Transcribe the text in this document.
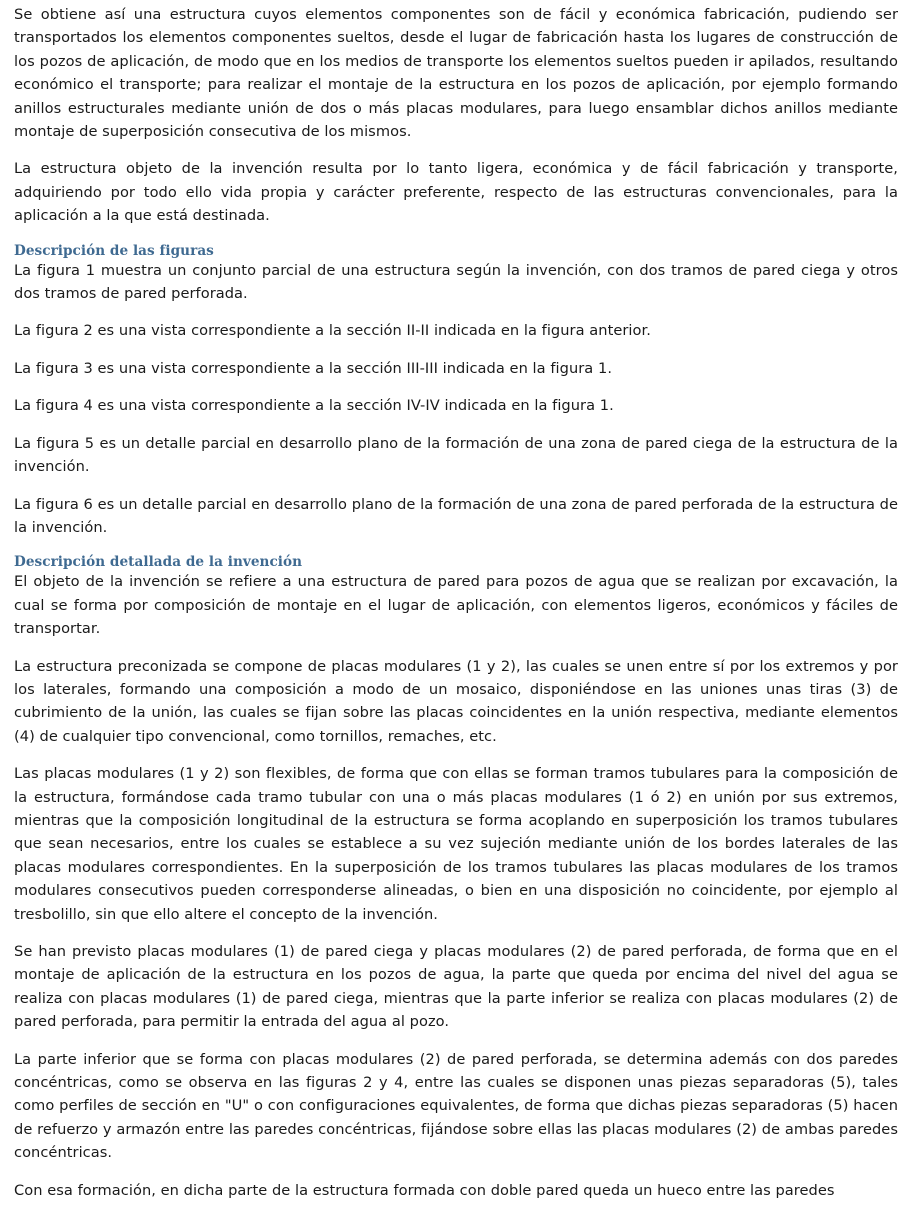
Se obtiene así una estructura cuyos elementos componentes son de fácil y económica fabricación, pudiendo ser transportados los elementos componentes sueltos, desde el lugar de fabricación hasta los lugares de construcción de los pozos de aplicación, de modo que en los medios de transporte los elementos sueltos pueden ir apilados, resultando económico el transporte; para realizar el montaje de la estructura en los pozos de aplicación, por ejemplo formando anillos estructurales mediante unión de dos o más placas modulares, para luego ensamblar dichos anillos mediante montaje de superposición consecutiva de los mismos.

La estructura objeto de la invención resulta por lo tanto ligera, económica y de fácil fabricación y transporte, adquiriendo por todo ello vida propia y carácter preferente, respecto de las estructuras convencionales, para la aplicación a la que está destinada.

Descripción de las figuras

La figura 1 muestra un conjunto parcial de una estructura según la invención, con dos tramos de pared ciega y otros dos tramos de pared perforada.

La figura 2 es una vista correspondiente a la sección II-II indicada en la figura anterior.

La figura 3 es una vista correspondiente a la sección III-III indicada en la figura 1.

La figura 4 es una vista correspondiente a la sección IV-IV indicada en la figura 1.

La figura 5 es un detalle parcial en desarrollo plano de la formación de una zona de pared ciega de la estructura de la invención.

La figura 6 es un detalle parcial en desarrollo plano de la formación de una zona de pared perforada de la estructura de la invención.

Descripción detallada de la invención

El objeto de la invención se refiere a una estructura de pared para pozos de agua que se realizan por excavación, la cual se forma por composición de montaje en el lugar de aplicación, con elementos ligeros, económicos y fáciles de transportar.

La estructura preconizada se compone de placas modulares (1 y 2), las cuales se unen entre sí por los extremos y por los laterales, formando una composición a modo de un mosaico, disponiéndose en las uniones unas tiras (3) de cubrimiento de la unión, las cuales se fijan sobre las placas coincidentes en la unión respectiva, mediante elementos (4) de cualquier tipo convencional, como tornillos, remaches, etc.

Las placas modulares (1 y 2) son flexibles, de forma que con ellas se forman tramos tubulares para la composición de la estructura, formándose cada tramo tubular con una o más placas modulares (1 ó 2) en unión por sus extremos, mientras que la composición longitudinal de la estructura se forma acoplando en superposición los tramos tubulares que sean necesarios, entre los cuales se establece a su vez sujeción mediante unión de los bordes laterales de las placas modulares correspondientes. En la superposición de los tramos tubulares las placas modulares de los tramos modulares consecutivos pueden corresponderse alineadas, o bien en una disposición no coincidente, por ejemplo al tresbolillo, sin que ello altere el concepto de la invención.

Se han previsto placas modulares (1) de pared ciega y placas modulares (2) de pared perforada, de forma que en el montaje de aplicación de la estructura en los pozos de agua, la parte que queda por encima del nivel del agua se realiza con placas modulares (1) de pared ciega, mientras que la parte inferior se realiza con placas modulares (2) de pared perforada, para permitir la entrada del agua al pozo.

La parte inferior que se forma con placas modulares (2) de pared perforada, se determina además con dos paredes concéntricas, como se observa en las figuras 2 y 4, entre las cuales se disponen unas piezas separadoras (5), tales como perfiles de sección en "U" o con configuraciones equivalentes, de forma que dichas piezas separadoras (5) hacen de refuerzo y armazón entre las paredes concéntricas, fijándose sobre ellas las placas modulares (2) de ambas paredes concéntricas.

Con esa formación, en dicha parte de la estructura formada con doble pared queda un hueco entre las paredes
